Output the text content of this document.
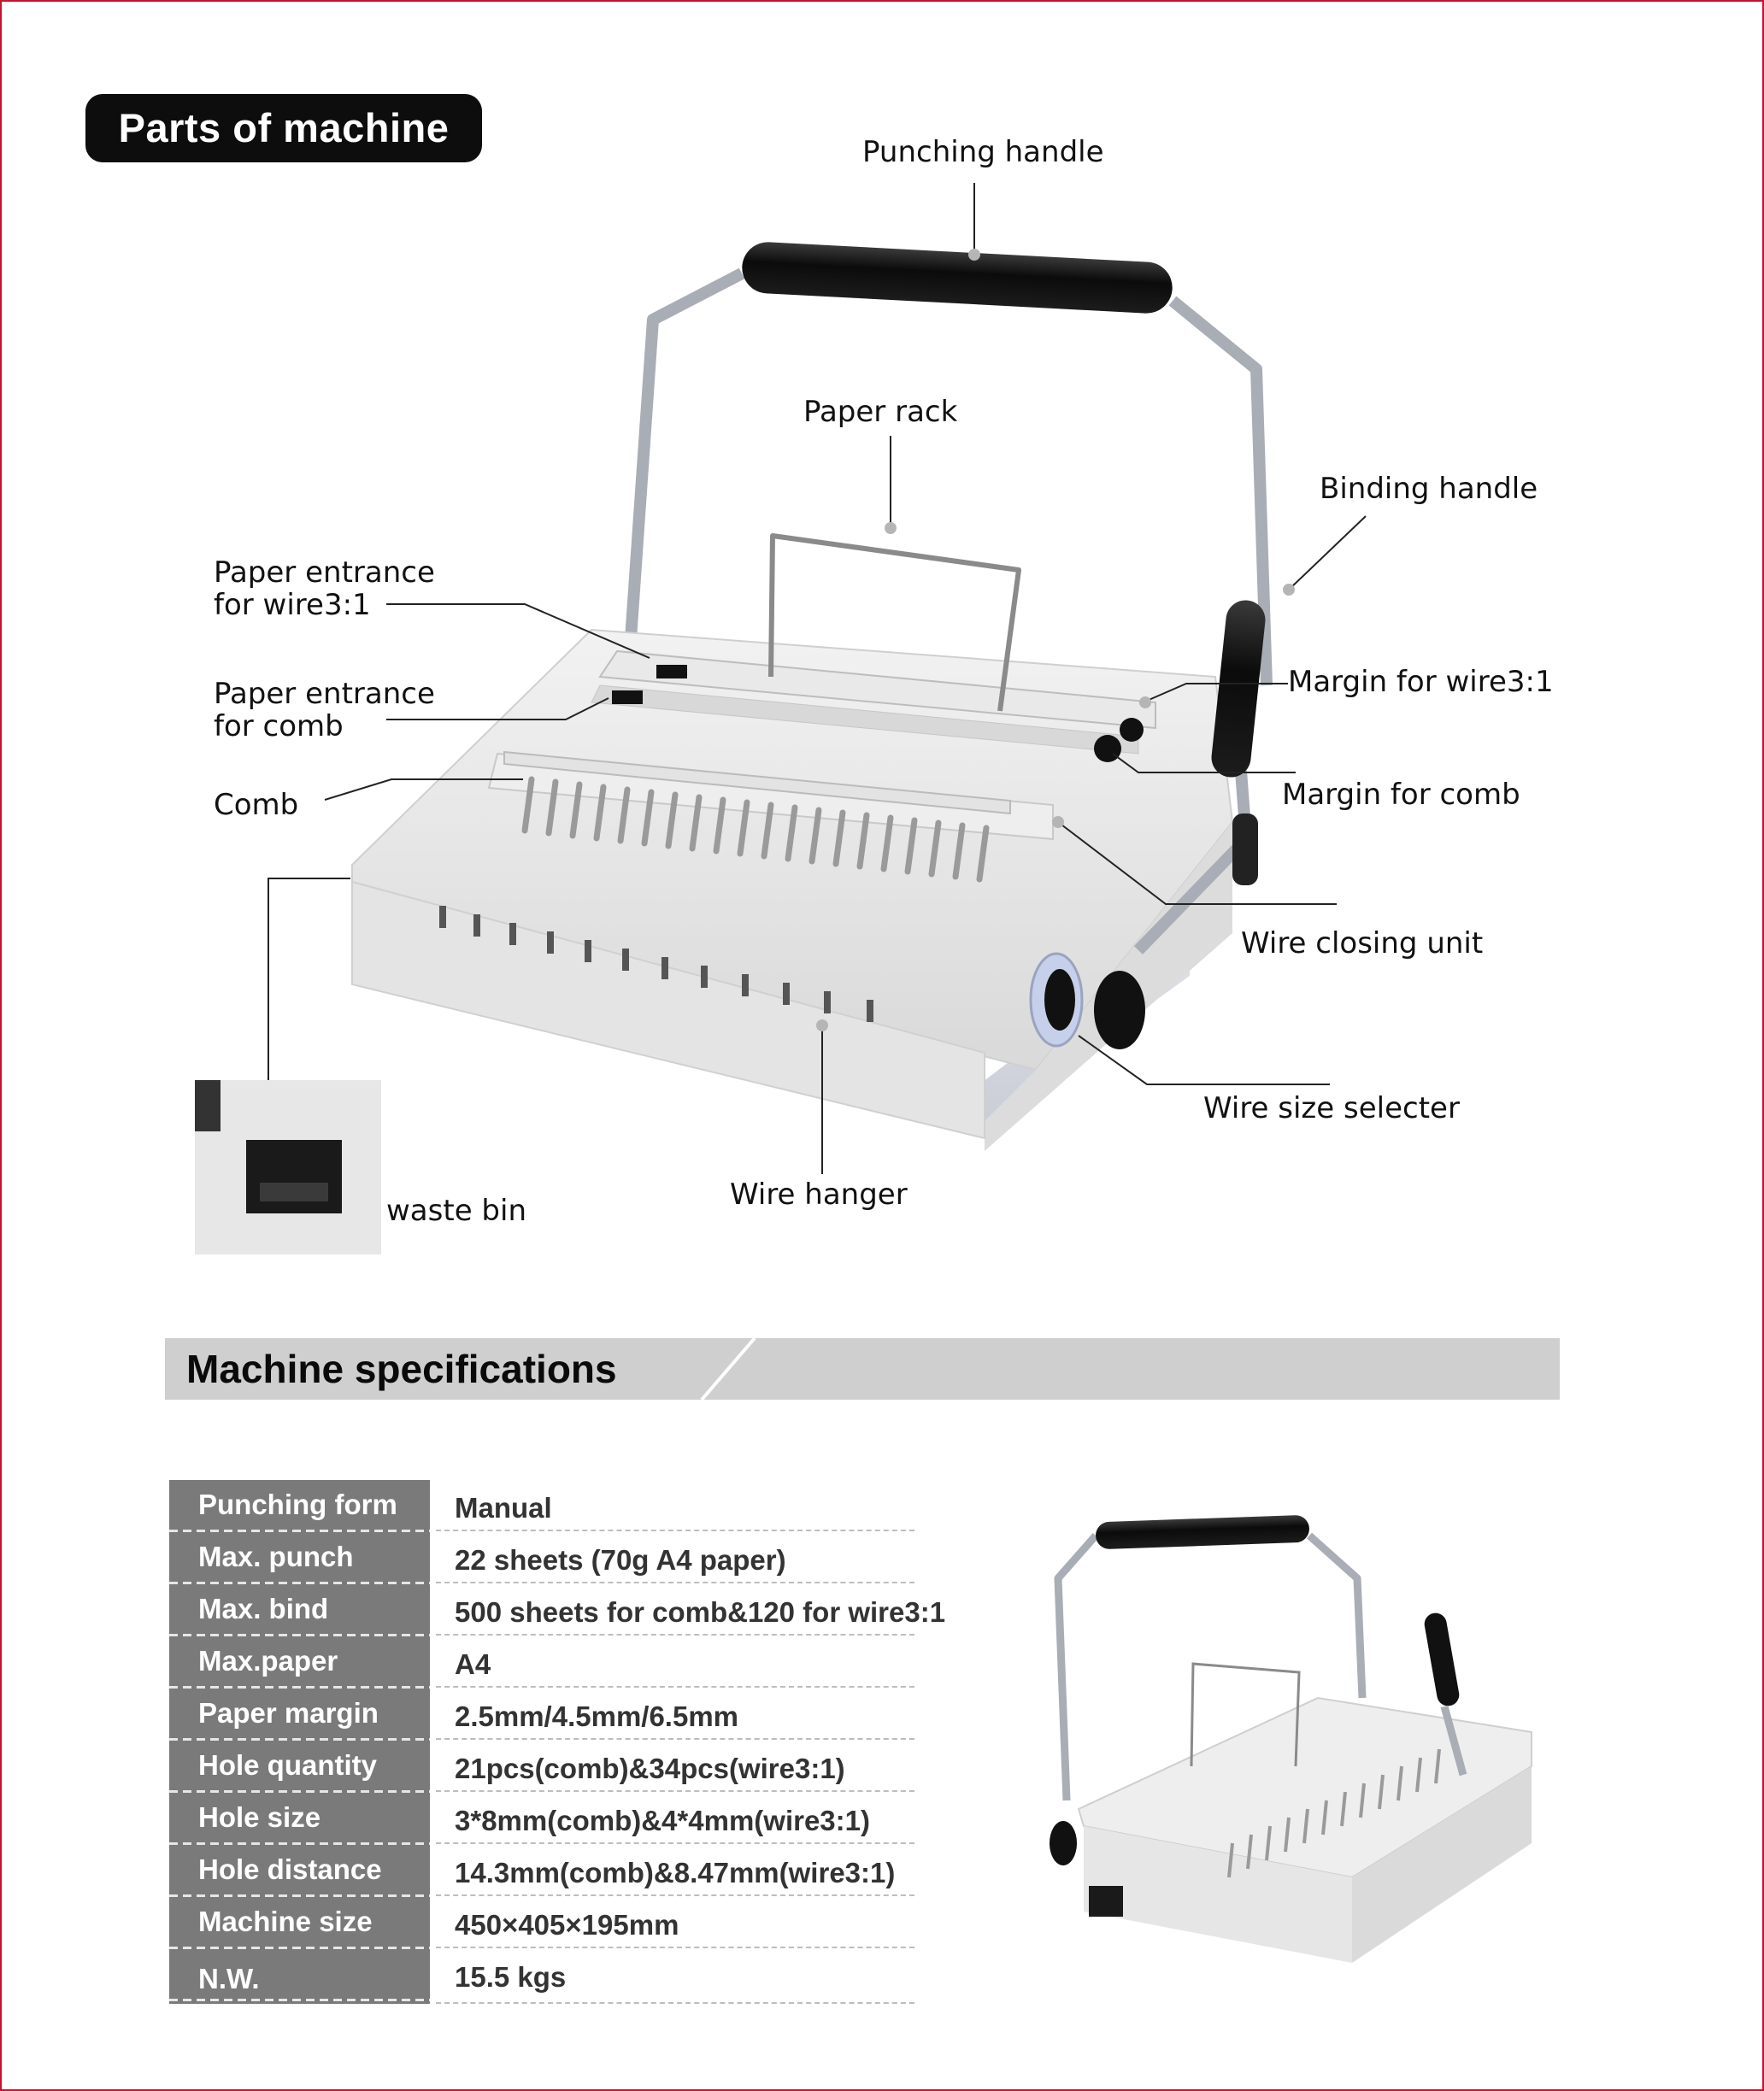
Parts of machine
Punching handle
Paper rack
Binding handle
Paper entrance
for wire3:1
Paper entrance
for comb
Margin for wire3:1
Margin for comb
Comb
Wire closing unit
Wire size selecter
waste bin	Wire hanger
Machine specifications
Punching form	Manual
Max. punch	22 sheets (70g A4 paper)
Max. bind	500 sheets for comb&120 for wire3:1
Max.paper	A4
Paper margin	2.5mm/4.5mm/6.5mm
Hole quantity	21pcs(comb)&34pcs(wire3:1)
Hole size	3*8mm(comb)&4*4mm(wire3:1)
Hole distance	14.3mm(comb)&8.47mm(wire3:1)
Machine size	450×405×195mm
N.W.	15.5 kgs
